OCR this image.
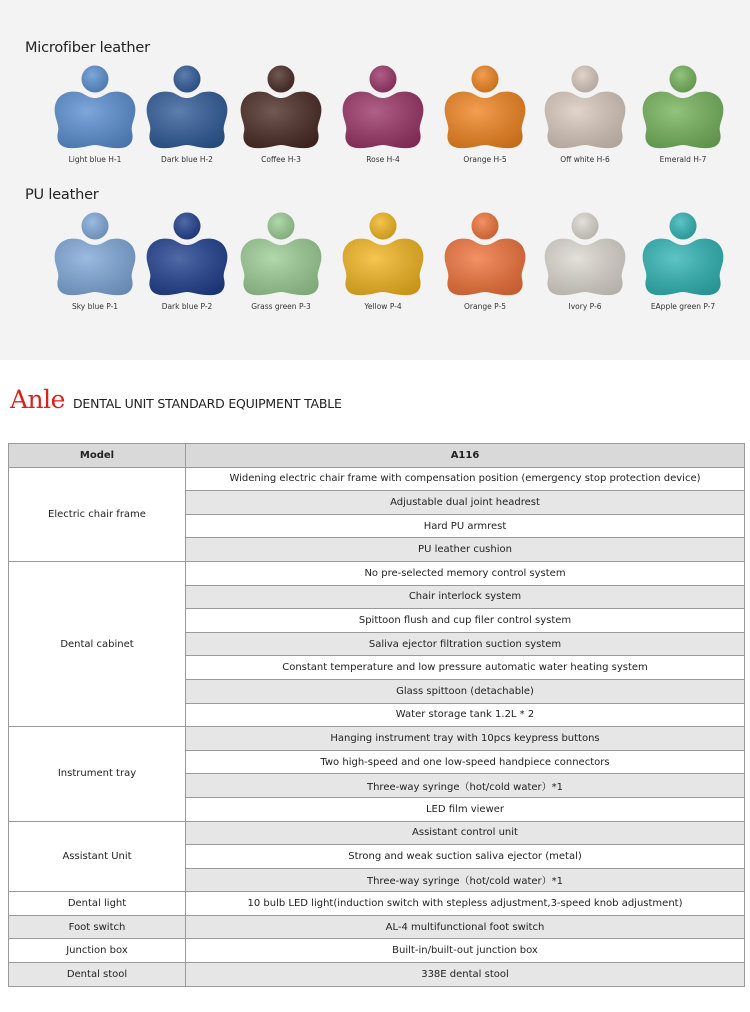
Microfiber leather
Light blue H-1	Dark blue H-2	Coffee H-3	Rose H-4	Orange H-5	Off white H-6	Emerald H-7
PU leather
Sky blue P-1	Dark blue P-2	Grass green P-3	Yellow P-4	Orange P-5	Ivory P-6	EApple green P-7
Anle DENTAL UNIT STANDARD EQUIPMENT TABLE
Model	A116
Electric chair frame	Widening electric chair frame with compensation position (emergency stop protection device)
	Adjustable dual joint headrest
	Hard PU armrest
	PU leather cushion
Dental cabinet	No pre-selected memory control system
	Chair interlock system
	Spittoon flush and cup filer control system
	Saliva ejector filtration suction system
	Constant temperature and low pressure automatic water heating system
	Glass spittoon (detachable)
	Water storage tank 1.2L * 2
Instrument tray	Hanging instrument tray with 10pcs keypress buttons
	Two high-speed and one low-speed handpiece connectors
	Three-way syringe（hot/cold water）*1
	LED film viewer
Assistant Unit	Assistant control unit
	Strong and weak suction saliva ejector (metal)
	Three-way syringe（hot/cold water）*1
Dental light	10 bulb LED light(induction switch with stepless adjustment,3-speed knob adjustment)
Foot switch	AL-4 multifunctional foot switch
Junction box	Built-in/built-out junction box
Dental stool	338E dental stool
